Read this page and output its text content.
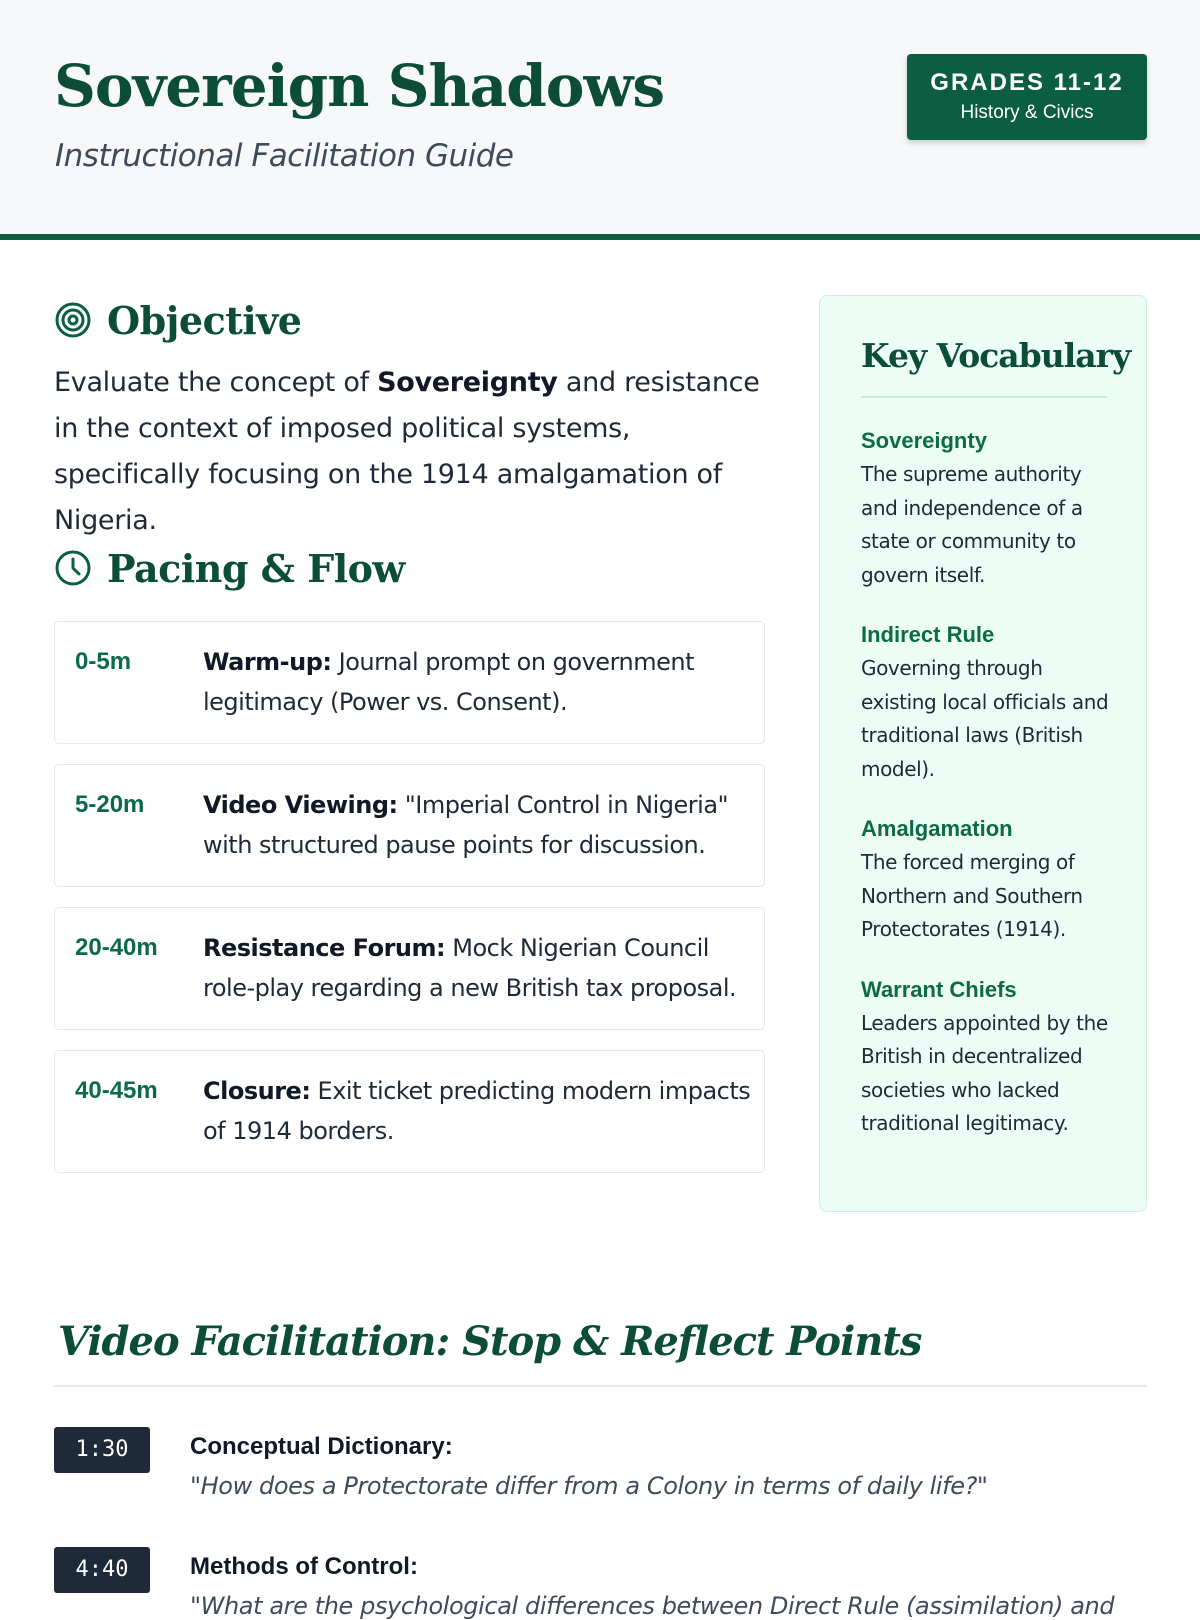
Sovereign Shadows
Instructional Facilitation Guide
GRADES 11-12
History & Civics
Objective

Evaluate the concept of Sovereignty and resistance in the context of imposed political systems, specifically focusing on the 1914 amalgamation of Nigeria.

Pacing & Flow
0-5m	Warm-up: Journal prompt on government legitimacy (Power vs. Consent).
5-20m Video Viewing: "Imperial Control in Nigeria" with structured pause points for discussion.
20-40m Resistance Forum: Mock Nigerian Council role-play regarding a new British tax proposal.
40-45m Closure: Exit ticket predicting modern impacts of 1914 borders.
Key Vocabulary
Sovereignty
The supreme authority and independence of a state or community to govern itself.
Indirect Rule
Governing through existing local officials and traditional laws (British model).
Amalgamation
The forced merging of Northern and Southern Protectorates (1914).
Warrant Chiefs
Leaders appointed by the British in decentralized societies who lacked traditional legitimacy.
Video Facilitation: Stop & Reflect Points
1:30	Conceptual Dictionary:
"How does a Protectorate differ from a Colony in terms of daily life?"
4:40	Methods of Control:
"What are the psychological differences between Direct Rule (assimilation) and
